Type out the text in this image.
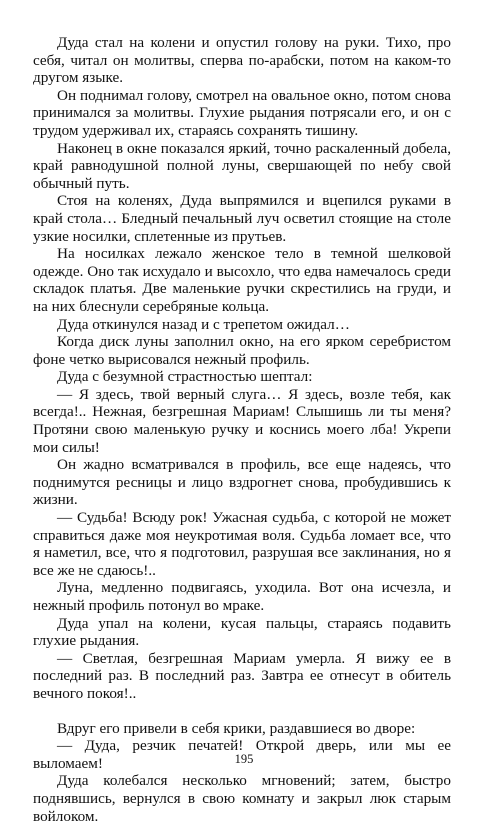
Дуда стал на колени и опустил голову на руки. Тихо, про себя, читал он молитвы, сперва по-арабски, потом на каком-то другом языке.

Он поднимал голову, смотрел на овальное окно, потом снова принимался за молитвы. Глухие рыдания потрясали его, и он с трудом удерживал их, стараясь сохранять тишину.

Наконец в окне показался яркий, точно раскаленный добела, край равнодушной полной луны, свершающей по небу свой обычный путь.

Стоя на коленях, Дуда выпрямился и вцепился руками в край стола… Бледный печальный луч осветил стоящие на столе узкие носилки, сплетенные из прутьев.

На носилках лежало женское тело в темной шелковой одежде. Оно так исхудало и высохло, что едва намечалось среди складок платья. Две маленькие ручки скрестились на груди, и на них блеснули серебряные кольца.

Дуда откинулся назад и с трепетом ожидал…

Когда диск луны заполнил окно, на его ярком серебристом фоне четко вырисовался нежный профиль.

Дуда с безумной страстностью шептал:

— Я здесь, твой верный слуга… Я здесь, возле тебя, как всегда!.. Нежная, безгрешная Мариам! Слышишь ли ты меня? Протяни свою маленькую ручку и коснись моего лба! Укрепи мои силы!

Он жадно всматривался в профиль, все еще надеясь, что поднимутся ресницы и лицо вздрогнет снова, пробудившись к жизни.

— Судьба! Всюду рок! Ужасная судьба, с которой не может справиться даже моя неукротимая воля. Судьба ломает все, что я наметил, все, что я подготовил, разрушая все заклинания, но я все же не сдаюсь!..

Луна, медленно подвигаясь, уходила. Вот она исчезла, и нежный профиль потонул во мраке.

Дуда упал на колени, кусая пальцы, стараясь подавить глухие рыдания.

— Светлая, безгрешная Мариам умерла. Я вижу ее в последний раз. В последний раз. Завтра ее отнесут в обитель вечного покоя!..

Вдруг его привели в себя крики, раздавшиеся во дворе:

— Дуда, резчик печатей! Открой дверь, или мы ее выломаем!

Дуда колебался несколько мгновений; затем, быстро поднявшись, вернулся в свою комнату и закрыл люк старым войлоком.

195
